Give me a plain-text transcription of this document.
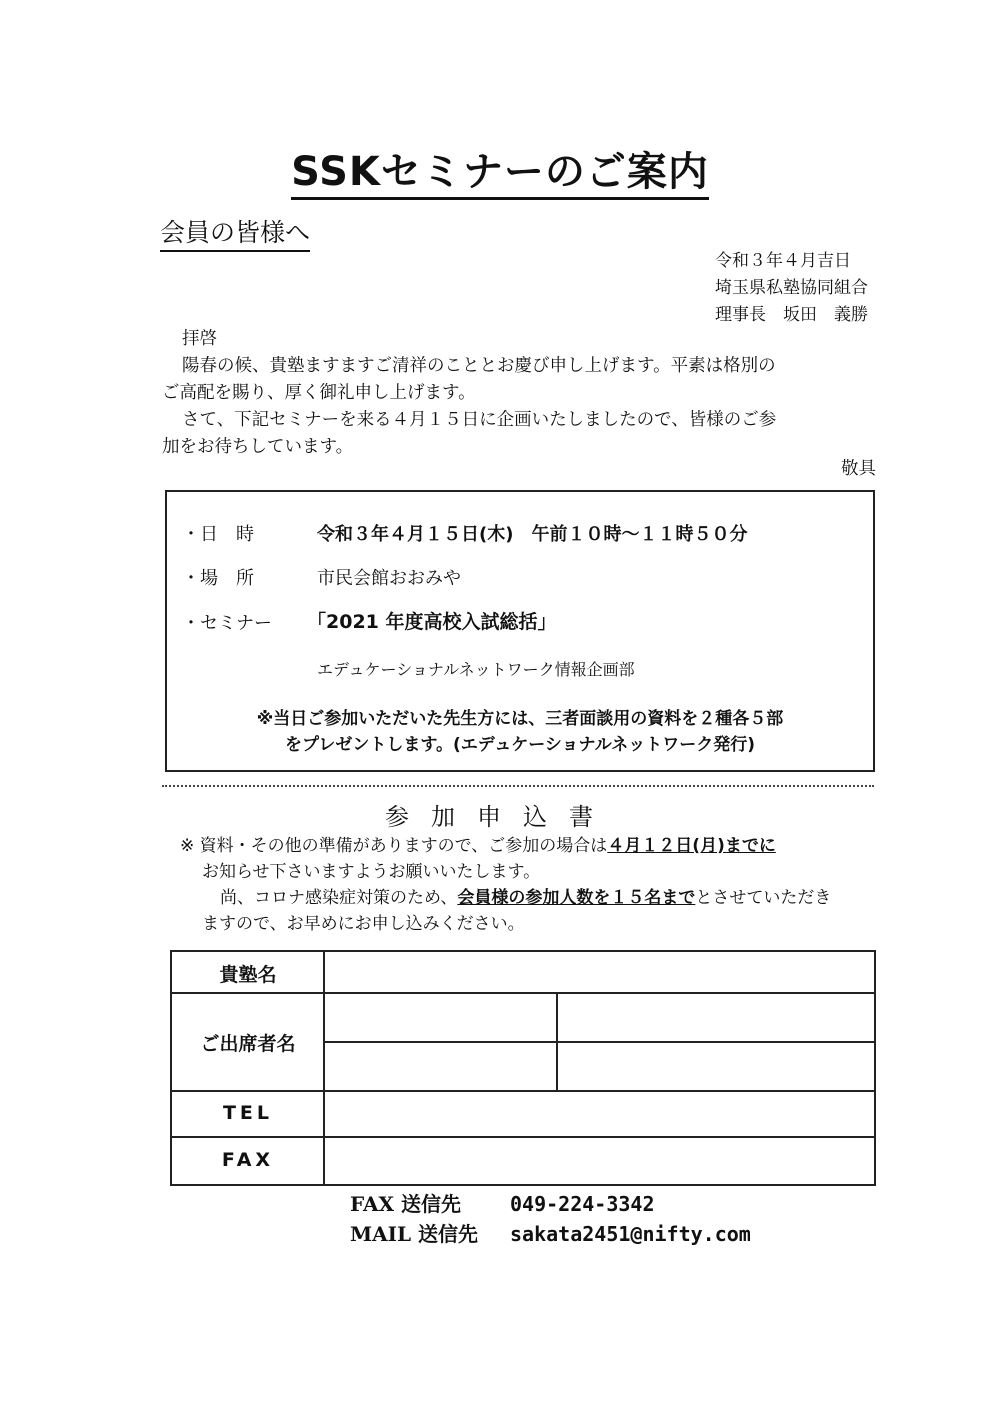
SSKセミナーのご案内
会員の皆様へ
令和３年４月吉日
埼玉県私塾協同組合
理事長　坂田　義勝
拝啓
陽春の候、貴塾ますますご清祥のこととお慶び申し上げます。平素は格別の
ご高配を賜り、厚く御礼申し上げます。
さて、下記セミナーを来る４月１５日に企画いたしましたので、皆様のご参
加をお待ちしています。
敬具
・日　時	令和３年４月１５日(木)　午前１０時〜１１時５０分
・場　所	市民会館おおみや
・セミナー 「2021 年度高校入試総括」
エデュケーショナルネットワーク情報企画部
※当日ご参加いただいた先生方には、三者面談用の資料を２種各５部
をプレゼントします。(エデュケーショナルネットワーク発行)
参加申込書
※ 資料・その他の準備がありますので、ご参加の場合は４月１２日(月)までに
お知らせ下さいますようお願いいたします。
尚、コロナ感染症対策のため、会員様の参加人数を１５名までとさせていただき
ますので、お早めにお申し込みください。
貴塾名
ご出席者名
TEL
FAX
FAX 送信先 049-224-3342
MAIL 送信先 sakata2451@nifty.com
